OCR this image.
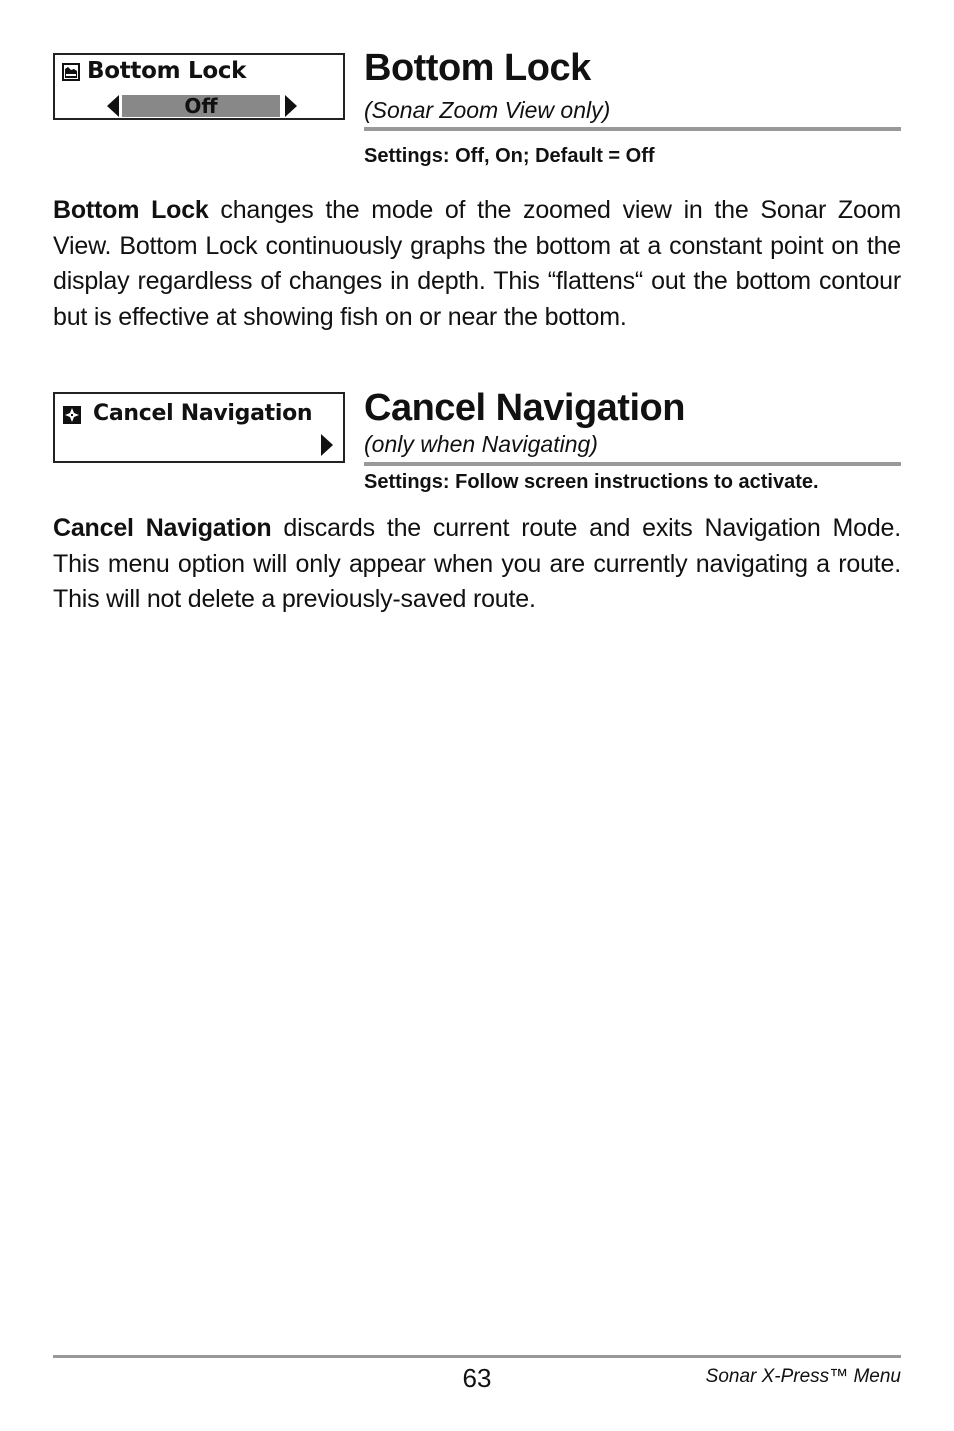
Bottom Lock
Off
Bottom Lock
(Sonar Zoom View only)
Settings: Off, On; Default = Off

Bottom Lock changes the mode of the zoomed view in the Sonar Zoom View. Bottom Lock continuously graphs the bottom at a constant point on the display regardless of changes in depth. This “flattens“ out the bottom contour but is effective at showing fish on or near the bottom.

Cancel Navigation Cancel Navigation
(only when Navigating)
Settings: Follow screen instructions to activate.

Cancel Navigation discards the current route and exits Navigation Mode. This menu option will only appear when you are currently navigating a route. This will not delete a previously-saved route.

63	Sonar X-Press™ Menu
